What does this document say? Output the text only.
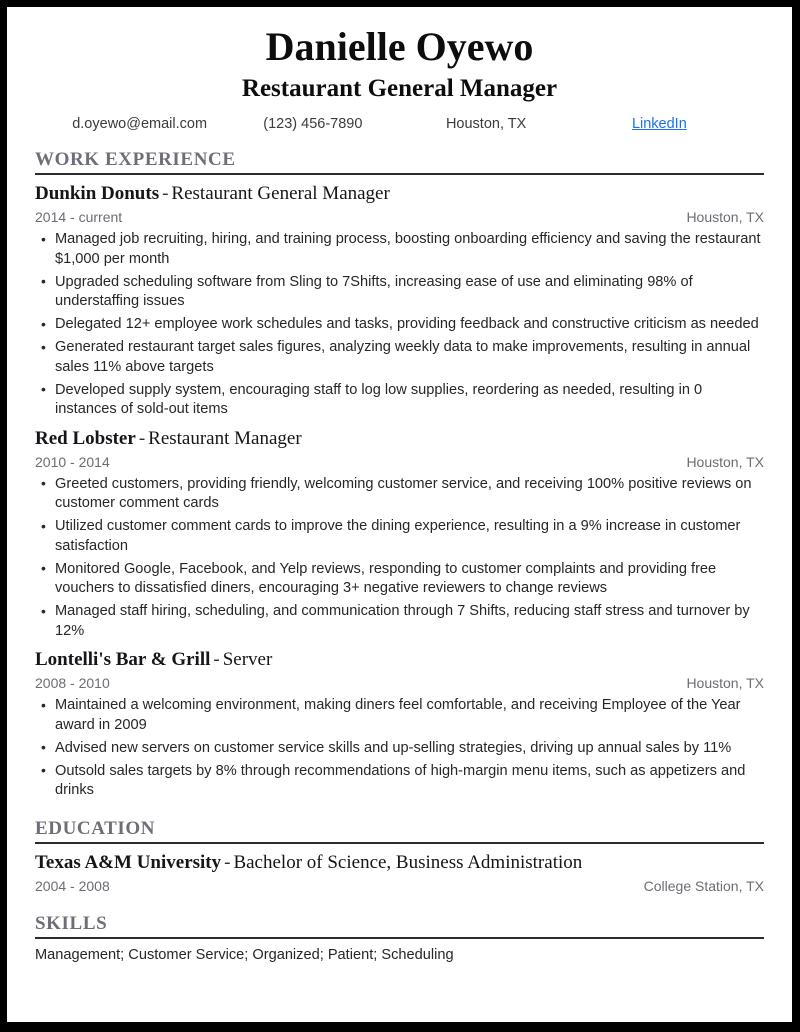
Danielle Oyewo
Restaurant General Manager
d.oyewo@email.com	(123) 456-7890	Houston, TX	LinkedIn
WORK EXPERIENCE
Dunkin Donuts - Restaurant General Manager
2014 - current	Houston, TX
• Managed job recruiting, hiring, and training process, boosting onboarding efficiency and saving the restaurant $1,000 per month
• Upgraded scheduling software from Sling to 7Shifts, increasing ease of use and eliminating 98% of understaffing issues
• Delegated 12+ employee work schedules and tasks, providing feedback and constructive criticism as needed
• Generated restaurant target sales figures, analyzing weekly data to make improvements, resulting in annual sales 11% above targets
• Developed supply system, encouraging staff to log low supplies, reordering as needed, resulting in 0 instances of sold-out items
Red Lobster - Restaurant Manager
2010 - 2014	Houston, TX
• Greeted customers, providing friendly, welcoming customer service, and receiving 100% positive reviews on customer comment cards
• Utilized customer comment cards to improve the dining experience, resulting in a 9% increase in customer satisfaction
• Monitored Google, Facebook, and Yelp reviews, responding to customer complaints and providing free vouchers to dissatisfied diners, encouraging 3+ negative reviewers to change reviews
• Managed staff hiring, scheduling, and communication through 7 Shifts, reducing staff stress and turnover by 12%
Lontelli's Bar & Grill - Server
2008 - 2010	Houston, TX
• Maintained a welcoming environment, making diners feel comfortable, and receiving Employee of the Year award in 2009
• Advised new servers on customer service skills and up-selling strategies, driving up annual sales by 11%
• Outsold sales targets by 8% through recommendations of high-margin menu items, such as appetizers and drinks
EDUCATION
Texas A&M University - Bachelor of Science, Business Administration
2004 - 2008	College Station, TX
SKILLS
Management; Customer Service; Organized; Patient; Scheduling
